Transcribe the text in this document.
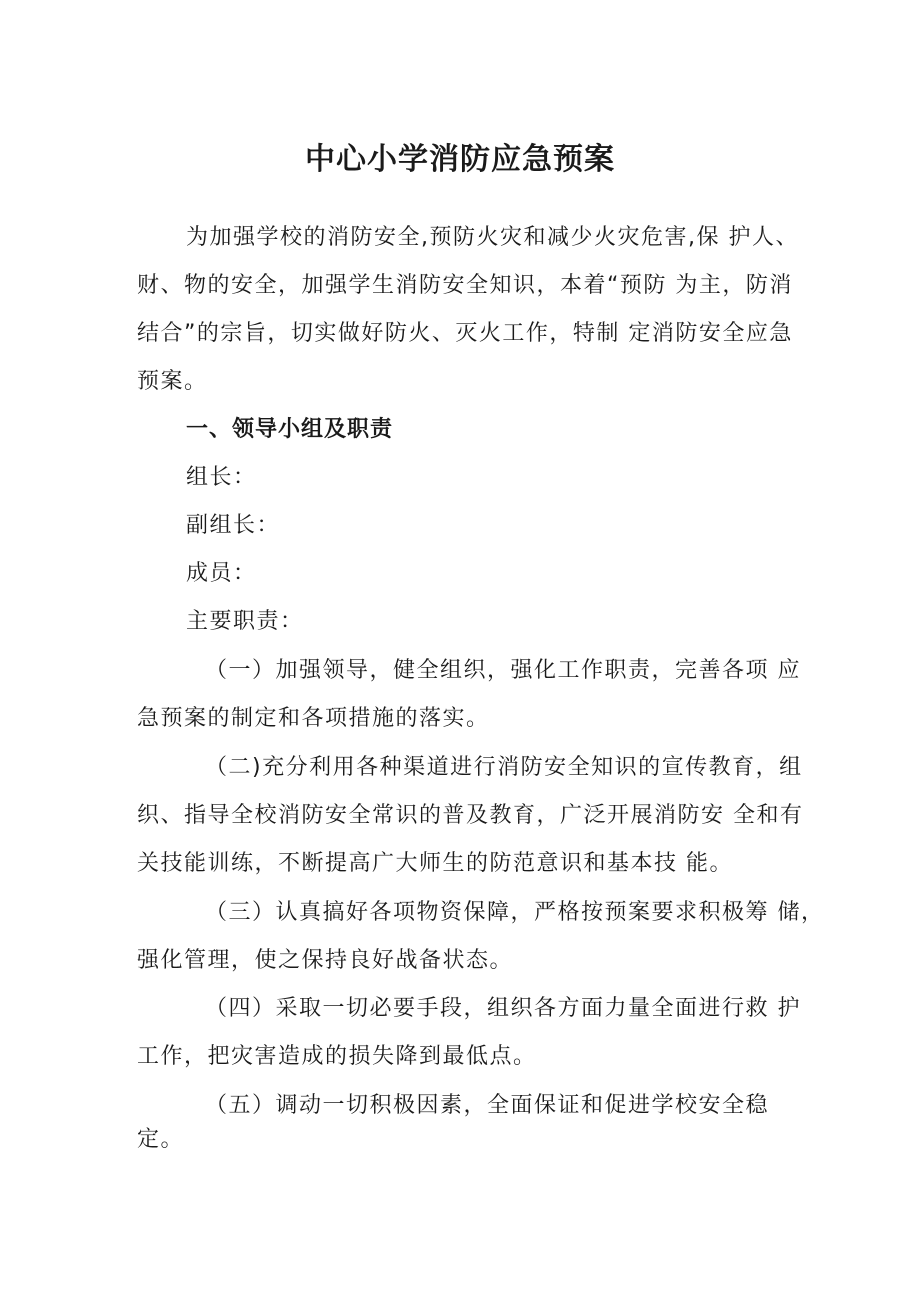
中心小学消防应急预案
为加强学校的消防安全,预防火灾和减少火灾危害,保 护人、
财、物的安全，加强学生消防安全知识，本着“预防 为主，防消
结合”的宗旨，切实做好防火、灭火工作，特制 定消防安全应急
预案。
一、领导小组及职责
组长：
副组长：
成员：
主要职责：
（一）加强领导，健全组织，强化工作职责，完善各项 应
急预案的制定和各项措施的落实。
（二)充分利用各种渠道进行消防安全知识的宣传教育，组
织、指导全校消防安全常识的普及教育，广泛开展消防安 全和有
关技能训练，不断提高广大师生的防范意识和基本技 能。
（三）认真搞好各项物资保障，严格按预案要求积极筹 储，
强化管理，使之保持良好战备状态。
（四）采取一切必要手段，组织各方面力量全面进行救 护
工作，把灾害造成的损失降到最低点。
（五）调动一切积极因素，全面保证和促进学校安全稳
定。
